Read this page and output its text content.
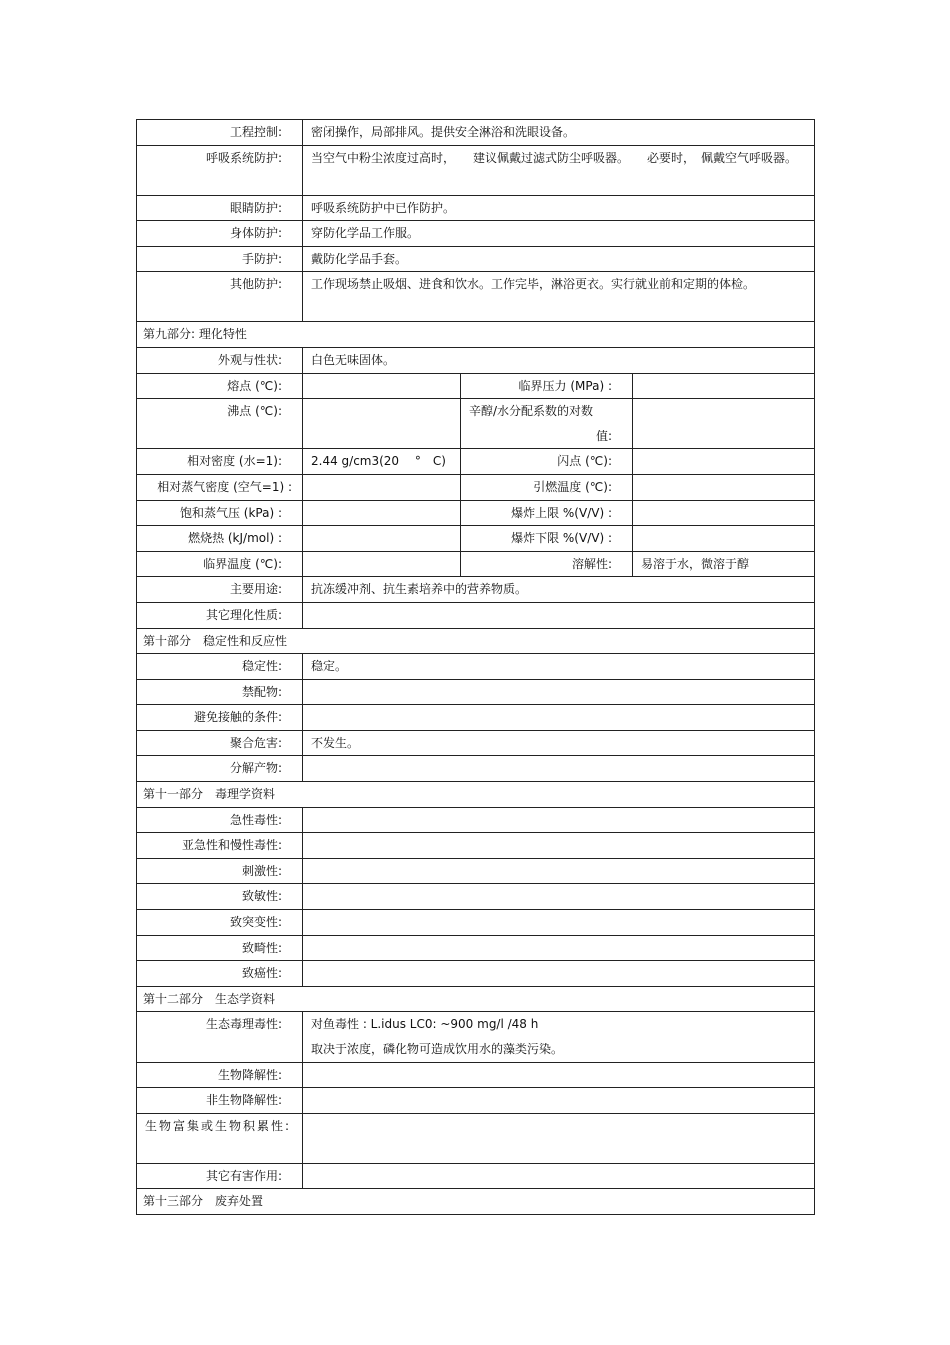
工程控制:	密闭操作，局部排风。提供安全淋浴和洗眼设备。		
呼吸系统防护:	当空气中粉尘浓度过高时，　　建议佩戴过滤式防尘呼吸器。　　必要时，　佩戴空气呼吸器。		
眼睛防护:	呼吸系统防护中已作防护。		
身体防护:	穿防化学品工作服。		
手防护:	戴防化学品手套。		
其他防护:	工作现场禁止吸烟、进食和饮水。工作完毕，淋浴更衣。实行就业前和定期的体检。		
第九部分: 理化特性			
外观与性状:	白色无味固体。		
熔点 (℃):		临界压力 (MPa) :	
沸点 (℃):		辛醇/水分配系数的对数
值:	

相对密度 (水=1):	2.44 g/cm3(20 　°　C)	闪点 (℃):	
相对蒸气密度 (空气=1) :		引燃温度 (℃):	
饱和蒸气压 (kPa) :		爆炸上限 %(V/V) :	
燃烧热 (kJ/mol) :		爆炸下限 %(V/V) :	
临界温度 (℃):		溶解性:	易溶于水，微溶于醇
主要用途:	抗冻缓冲剂、抗生素培养中的营养物质。		
其它理化性质:			
第十部分　稳定性和反应性			
稳定性:	稳定。		
禁配物:			
避免接触的条件:			
聚合危害:	不发生。		
分解产物:			
第十一部分　毒理学资料			
急性毒性:			
亚急性和慢性毒性:			
刺激性:			
致敏性:			
致突变性:			
致畸性:			
致癌性:			
第十二部分　生态学资料			
生态毒理毒性:	对鱼毒性 : L.idus LC0: ~900 mg/l /48 h
取决于浓度，磷化物可造成饮用水的藻类污染。		

生物降解性:			
非生物降解性:			
生物富集或生物积累性:			
其它有害作用:			
第十三部分　废弃处置			
